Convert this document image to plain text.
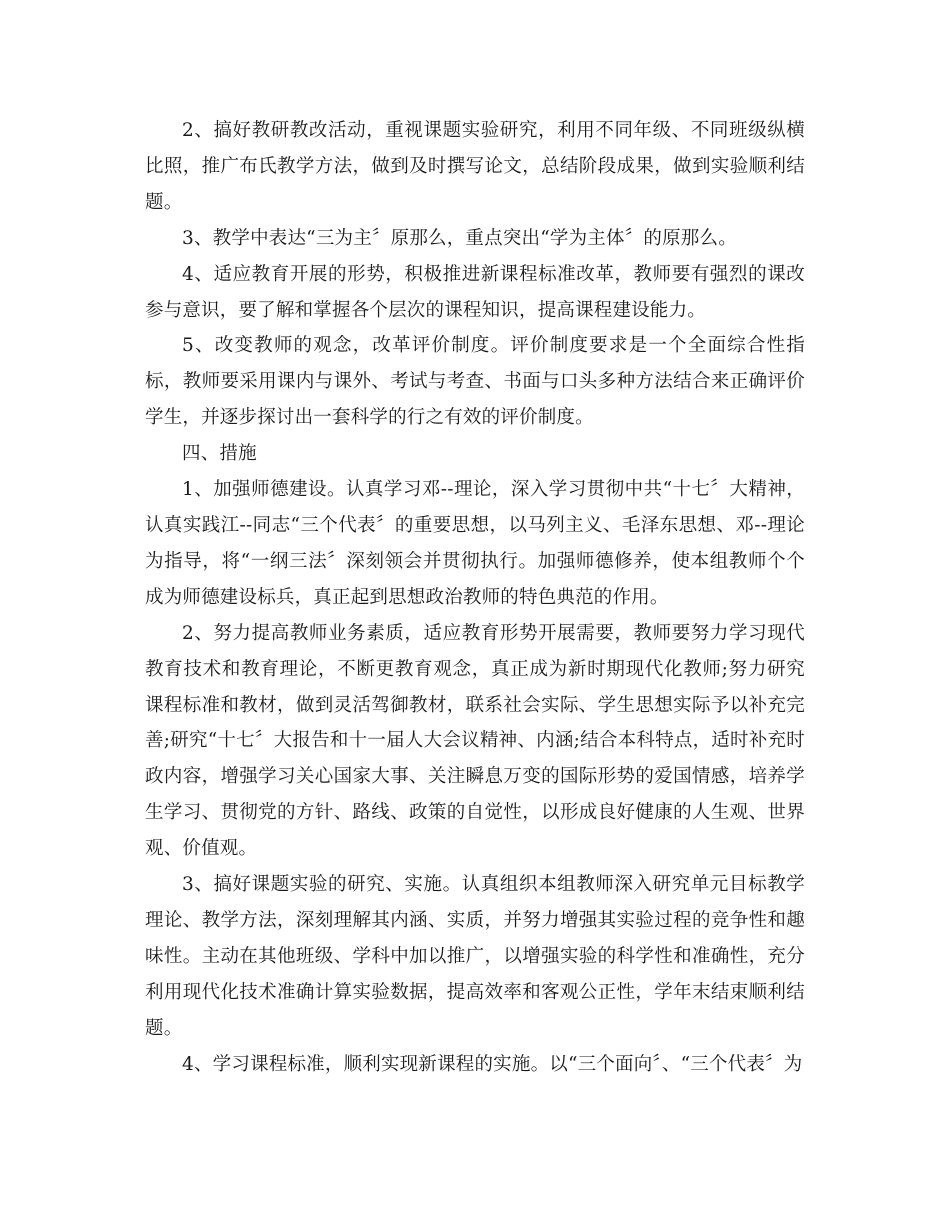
2、搞好教研教改活动，重视课题实验研究，利用不同年级、不同班级纵横比照，推广布氏教学方法，做到及时撰写论文，总结阶段成果，做到实验顺利结题。

3、教学中表达“三为主〞原那么，重点突出“学为主体〞的原那么。

4、适应教育开展的形势，积极推进新课程标准改革，教师要有强烈的课改参与意识，要了解和掌握各个层次的课程知识，提高课程建设能力。

5、改变教师的观念，改革评价制度。评价制度要求是一个全面综合性指标，教师要采用课内与课外、考试与考查、书面与口头多种方法结合来正确评价学生，并逐步探讨出一套科学的行之有效的评价制度。

四、措施

1、加强师德建设。认真学习邓--理论，深入学习贯彻中共“十七〞大精神，认真实践江--同志“三个代表〞的重要思想，以马列主义、毛泽东思想、邓--理论为指导，将“一纲三法〞深刻领会并贯彻执行。加强师德修养，使本组教师个个成为师德建设标兵，真正起到思想政治教师的特色典范的作用。

2、努力提高教师业务素质，适应教育形势开展需要，教师要努力学习现代教育技术和教育理论，不断更教育观念，真正成为新时期现代化教师;努力研究课程标准和教材，做到灵活驾御教材，联系社会实际、学生思想实际予以补充完善;研究“十七〞大报告和十一届人大会议精神、内涵;结合本科特点，适时补充时政内容，增强学习关心国家大事、关注瞬息万变的国际形势的爱国情感，培养学生学习、贯彻党的方针、路线、政策的自觉性，以形成良好健康的人生观、世界观、价值观。

3、搞好课题实验的研究、实施。认真组织本组教师深入研究单元目标教学理论、教学方法，深刻理解其内涵、实质，并努力增强其实验过程的竞争性和趣味性。主动在其他班级、学科中加以推广，以增强实验的科学性和准确性，充分利用现代化技术准确计算实验数据，提高效率和客观公正性，学年末结束顺利结题。

4、学习课程标准，顺利实现新课程的实施。以“三个面向〞、“三个代表〞为
